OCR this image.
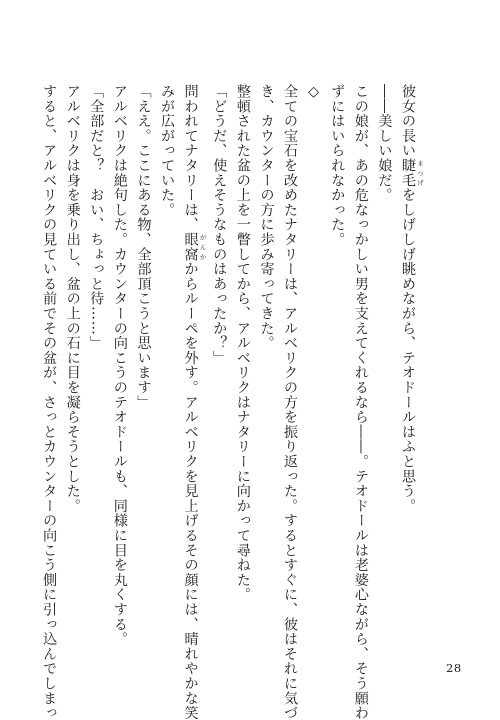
彼女の長い睫毛 まつげをしげしげ眺めながら、テオドールはふと思う。
――美しい娘だ。
この娘が、あの危なっかしい男を支えてくれるなら――。テオドールは老婆心ながら、そう願わ
ずにはいられなかった。
◇
全ての宝石を改めたナタリーは、アルベリクの方を振り返った。するとすぐに、彼はそれに気づ
き、カウンターの方に歩み寄ってきた。
整頓された盆の上を一瞥してから、アルベリクはナタリーに向かって尋ねた。
「どうだ、使えそうなものはあったか？」
問われてナタリーは、眼窩 がんかからルーペを外す。アルベリクを見上げるその顔には、晴れやかな笑
みが広がっていた。
「ええ。ここにある物、全部頂こうと思います」
アルベリクは絶句した。カウンターの向こうのテオドールも、同様に目を丸くする。
「全部だと？　おい、ちょっと待……」
アルベリクは身を乗り出し、盆の上の石に目を凝らそうとした。
すると、アルベリクの見ている前でその盆が、さっとカウンターの向こう側に引っ込んでしまっ	28
